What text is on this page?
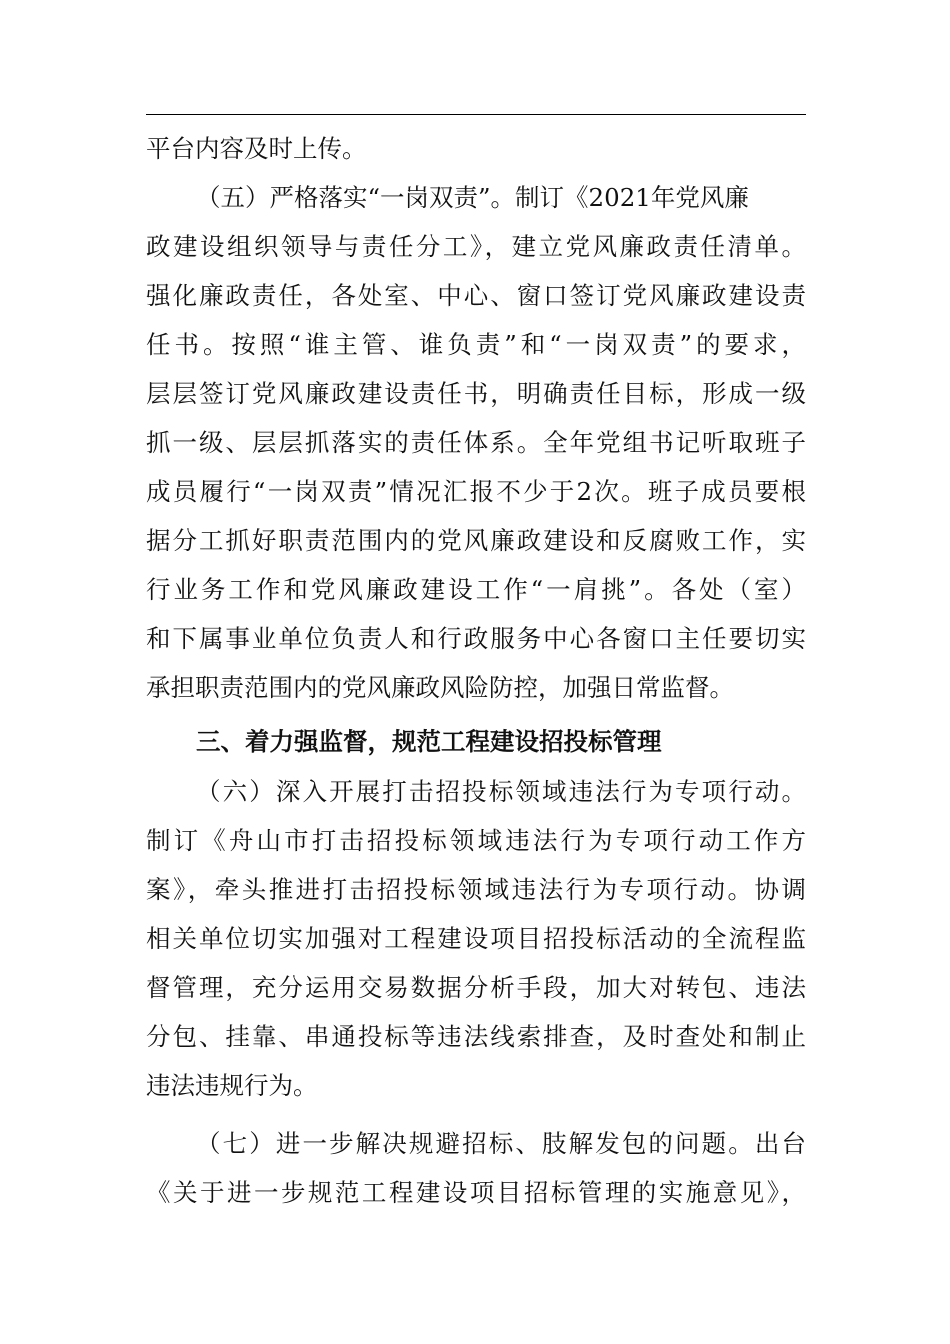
平台内容及时上传。
（五）严格落实“一岗双责”。制订《2021年党风廉
政建设组织领导与责任分工》，建立党风廉政责任清单。
强化廉政责任，各处室、中心、窗口签订党风廉政建设责
任书。按照“谁主管、谁负责”和“一岗双责”的要求，
层层签订党风廉政建设责任书，明确责任目标，形成一级
抓一级、层层抓落实的责任体系。全年党组书记听取班子
成员履行“一岗双责”情况汇报不少于2次。班子成员要根
据分工抓好职责范围内的党风廉政建设和反腐败工作，实
行业务工作和党风廉政建设工作“一肩挑”。各处（室）
和下属事业单位负责人和行政服务中心各窗口主任要切实
承担职责范围内的党风廉政风险防控，加强日常监督。
三、着力强监督，规范工程建设招投标管理
（六）深入开展打击招投标领域违法行为专项行动。
制订《舟山市打击招投标领域违法行为专项行动工作方
案》，牵头推进打击招投标领域违法行为专项行动。协调
相关单位切实加强对工程建设项目招投标活动的全流程监
督管理，充分运用交易数据分析手段，加大对转包、违法
分包、挂靠、串通投标等违法线索排查，及时查处和制止
违法违规行为。
（七）进一步解决规避招标、肢解发包的问题。出台
《关于进一步规范工程建设项目招标管理的实施意见》，
